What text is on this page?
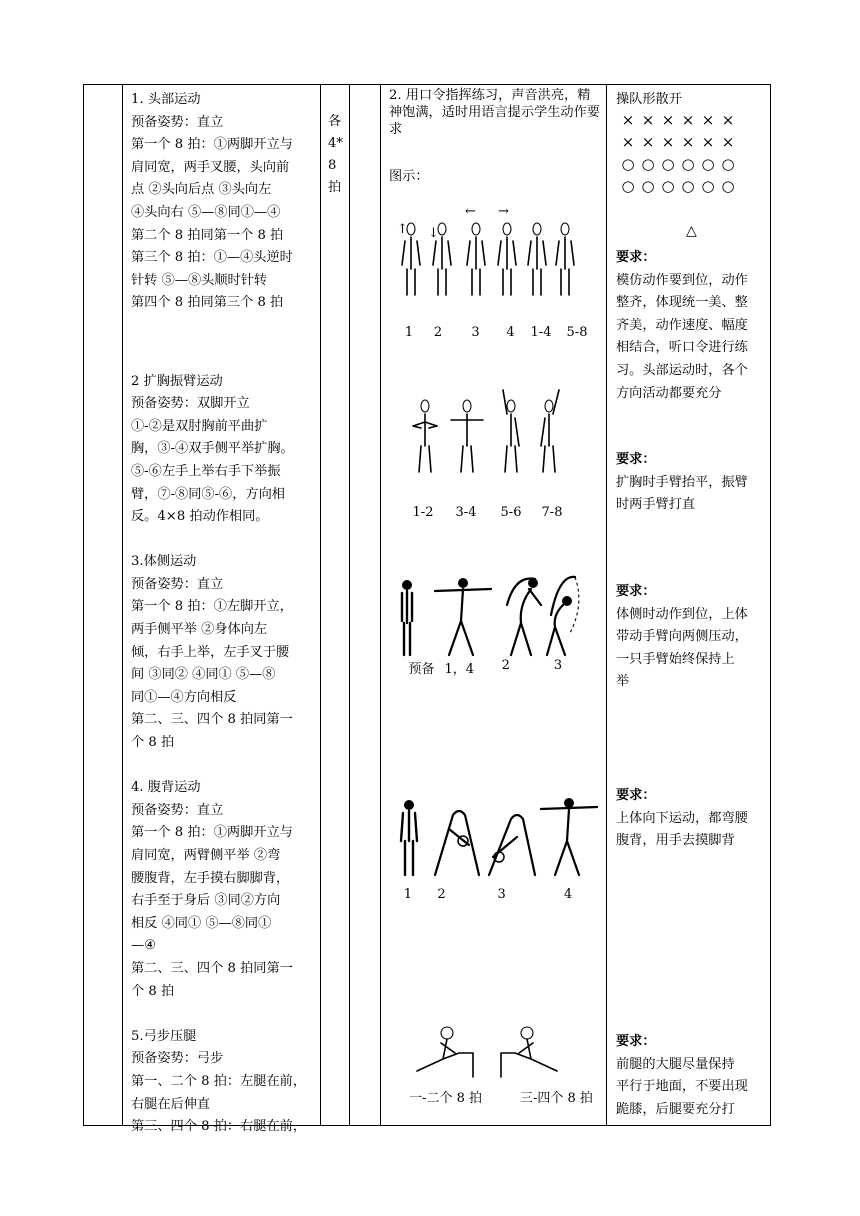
1. 头部运动
预备姿势：直立
第一个 8 拍：①两脚开立与
肩同宽，两手叉腰，头向前
点 ②头向后点 ③头向左
④头向右 ⑤—⑧同①—④
第二个 8 拍同第一个 8 拍
第三个 8 拍：①—④头逆时
针转 ⑤—⑧头顺时针转
第四个 8 拍同第三个 8 拍
2 扩胸振臂运动
预备姿势：双脚开立
①-②是双肘胸前平曲扩
胸，③-④双手侧平举扩胸。
⑤-⑥左手上举右手下举振
臂，⑦-⑧同⑤-⑥，方向相
反。4×8 拍动作相同。
3.体侧运动
预备姿势：直立
第一个 8 拍：①左脚开立，
两手侧平举 ②身体向左
倾，右手上举，左手叉于腰
间 ③同② ④同① ⑤—⑧
同①—④方向相反
第二、三、四个 8 拍同第一
个 8 拍
4. 腹背运动
预备姿势：直立
第一个 8 拍：①两脚开立与
肩同宽，两臂侧平举 ②弯
腰腹背，左手摸右脚脚背，
右手至于身后 ③同②方向
相反 ④同① ⑤—⑧同①
—④
第二、三、四个 8 拍同第一
个 8 拍
5.弓步压腿
预备姿势：弓步
第一、二个 8 拍：左腿在前，
右腿在后伸直
第三、四个 8 拍：右腿在前，
各
4*
8
拍
2. 用口令指挥练习，声音洪亮，精神饱满，适时用语言提示学生动作要求
图示：
↑ ↓
← →
1	2	3	4	1-4	5-8
1-2	3-4	5-6	7-8
预备 1，4	2	3
1	2	3	4
一-二个 8 拍	三-四个 8 拍
操队形散开
× × × × × ×
× × × × × ×
○ ○ ○ ○ ○ ○
○ ○ ○ ○ ○ ○
△
要求：
模仿动作要到位，动作
整齐，体现统一美、整
齐美，动作速度、幅度
相结合，听口令进行练
习。头部运动时，各个
方向活动都要充分
要求：
扩胸时手臂抬平，振臂
时两手臂打直
要求：
体侧时动作到位，上体
带动手臂向两侧压动，
一只手臂始终保持上
举
要求：
上体向下运动，都弯腰
腹背，用手去摸脚背
要求：
前腿的大腿尽量保持
平行于地面，不要出现
跪膝，后腿要充分打
